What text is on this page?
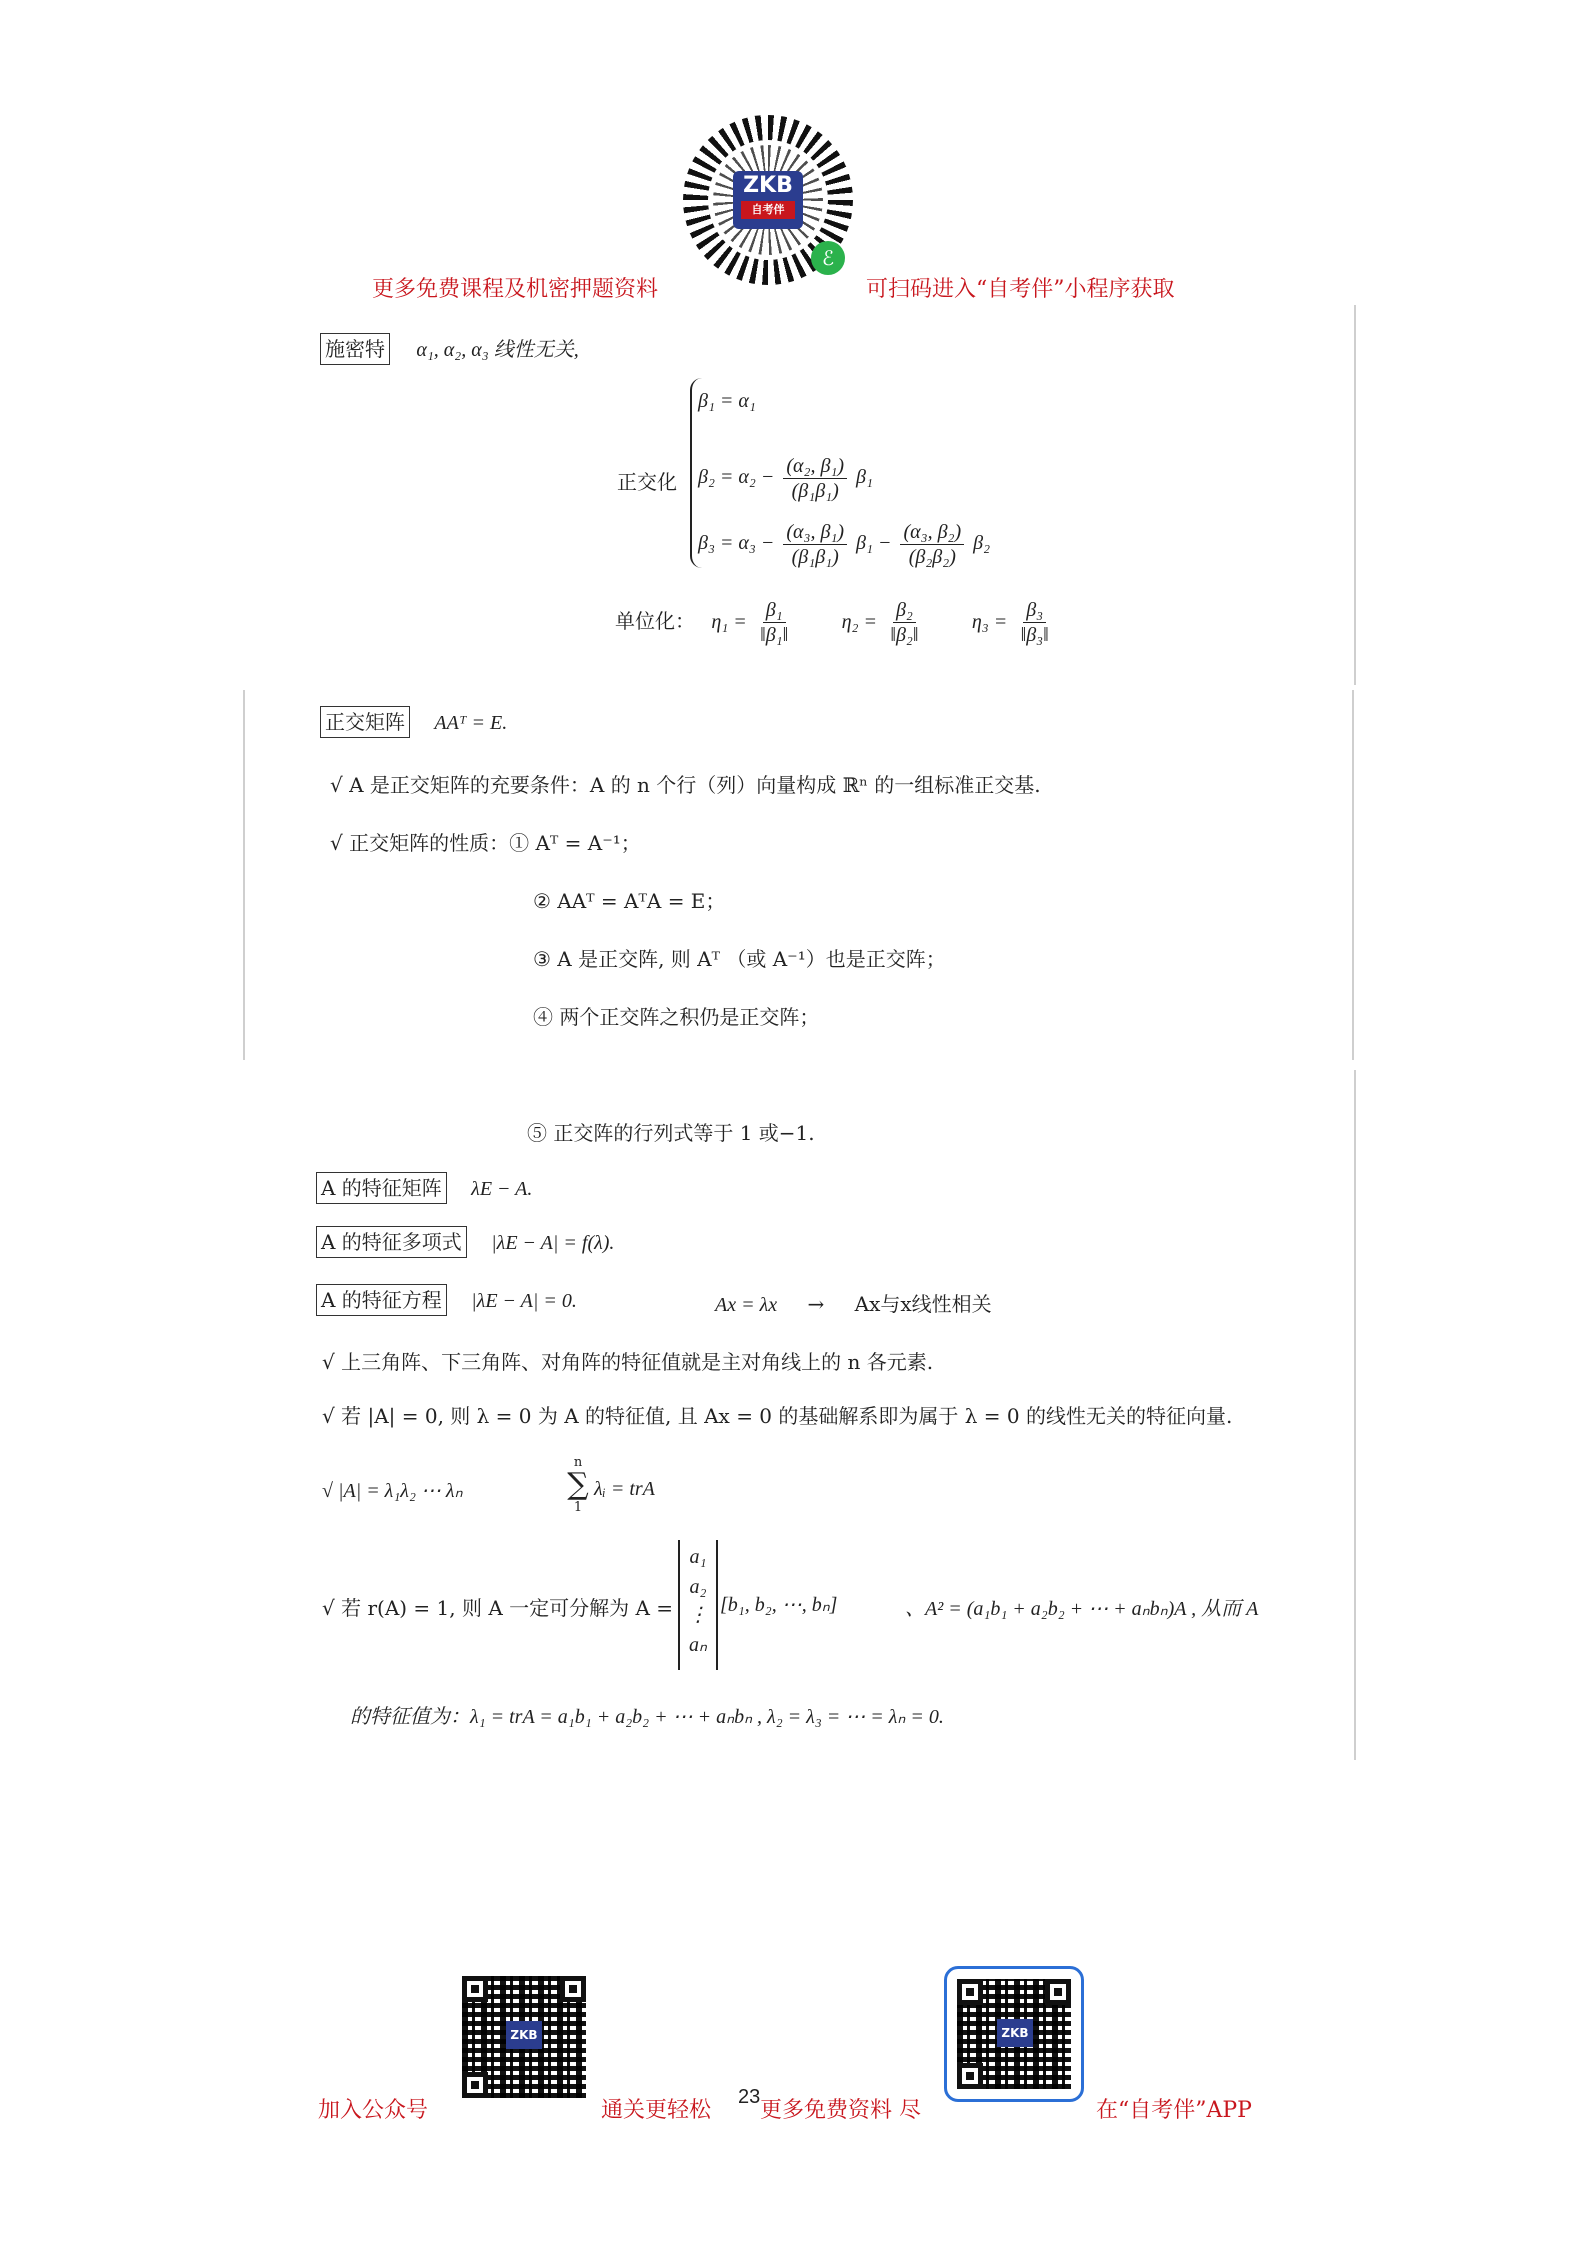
ZKB
自考伴
ℰ
更多免费课程及机密押题资料	可扫码进入“自考伴”小程序获取
施密特 α₁, α₂, α₃ 线性无关,
正交化
β₁ = α₁
$\beta_2 = \alpha_2 - \frac{\text{(α₂, β₁)}}{\text{(β₁β₁)}} \beta_1$
$\beta_3 = \alpha_3 - \frac{\text{(α₃, β₁)}}{\text{(β₁β₁)}} \beta_1 - \frac{\text{(α₃, β₂)}}{\text{(β₂β₂)}} \beta_2$
单位化： $\eta_1 = \frac{\text{β₁}}{\text{‖β₁‖}}$	$\eta_2 = \frac{\text{β₂}}{\text{‖β₂‖}}$	$\eta_3 = \frac{\text{β₃}}{\text{‖β₃‖}}$
正交矩阵 AAᵀ = E.
√ A 是正交矩阵的充要条件：A 的 n 个行（列）向量构成 ℝⁿ 的一组标准正交基.
√ 正交矩阵的性质：① Aᵀ = A⁻¹；
② AAᵀ = AᵀA = E；
③ A 是正交阵, 则 Aᵀ （或 A⁻¹）也是正交阵；
④ 两个正交阵之积仍是正交阵；
⑤ 正交阵的行列式等于 1 或−1.
A 的特征矩阵 λE − A.
A 的特征多项式 |λE − A| = f(λ).
A 的特征方程 |λE − A| = 0.	Ax = λx → Ax与x线性相关
√ 上三角阵、下三角阵、对角阵的特征值就是主对角线上的 n 各元素.
√ 若 |A| = 0, 则 λ = 0 为 A 的特征值, 且 Ax = 0 的基础解系即为属于 λ = 0 的线性无关的特征向量.
√ |A| = λ₁λ₂ ⋯ λₙ
n
∑
1
λᵢ = trA
√ 若 r(A) = 1, 则 A 一定可分解为 A =
a₁
a₂
⋮
aₙ
[b₁, b₂, ⋯, bₙ]	、A² = (a₁b₁ + a₂b₂ + ⋯ + aₙbₙ)A , 从而 A
的特征值为：λ₁ = trA = a₁b₁ + a₂b₂ + ⋯ + aₙbₙ , λ₂ = λ₃ = ⋯ = λₙ = 0.
加入公众号
ZKB
通关更轻松
23
更多免费资料 尽
ZKB
在“自考伴”APP
